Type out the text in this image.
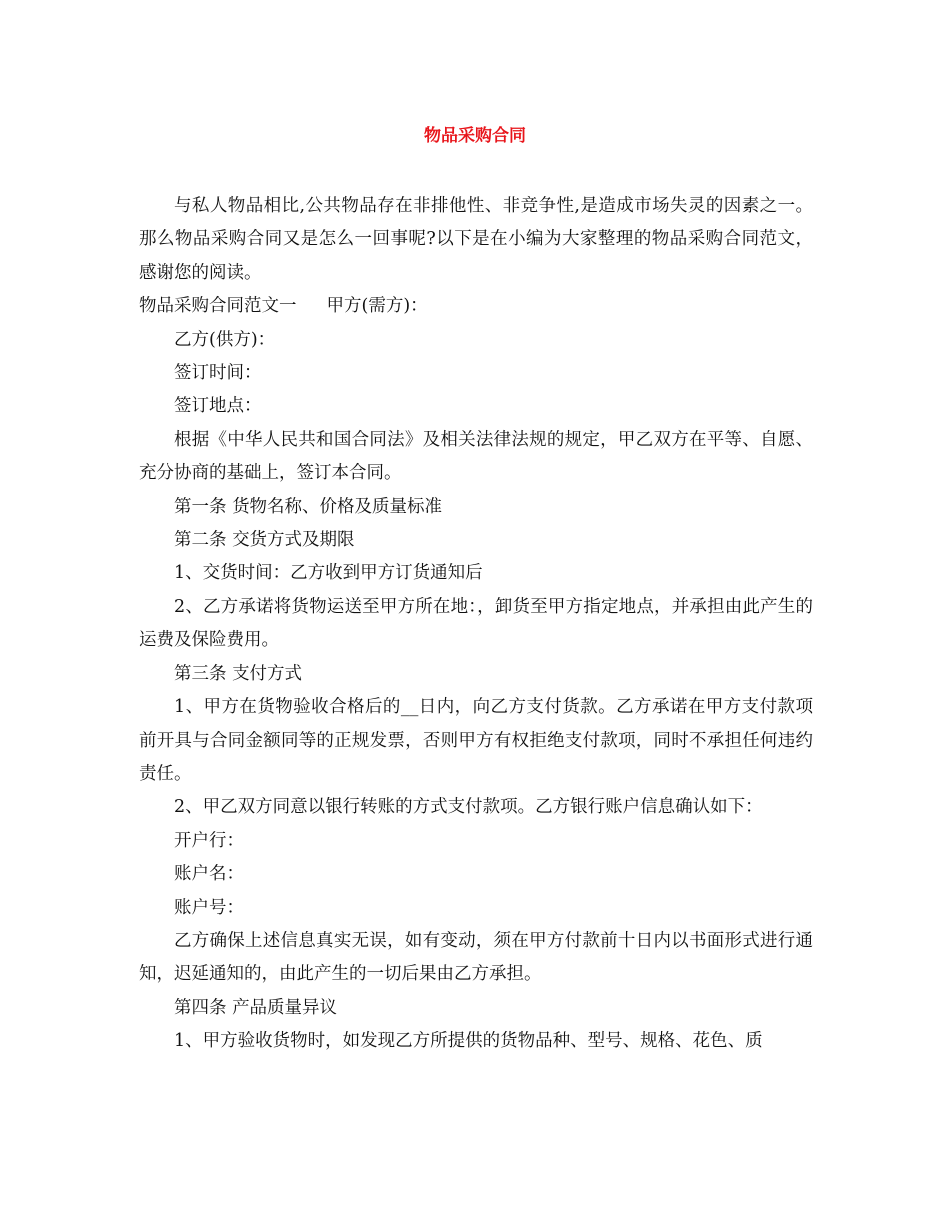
物品采购合同

与私人物品相比,公共物品存在非排他性、非竞争性,是造成市场失灵的因素之一。那么物品采购合同又是怎么一回事呢?以下是在小编为大家整理的物品采购合同范文，感谢您的阅读。

物品采购合同范文一 甲方(需方)：

乙方(供方)：

签订时间：

签订地点：

根据《中华人民共和国合同法》及相关法律法规的规定，甲乙双方在平等、自愿、充分协商的基础上，签订本合同。

第一条 货物名称、价格及质量标准

第二条 交货方式及期限

1、交货时间：乙方收到甲方订货通知后

2、乙方承诺将货物运送至甲方所在地：，卸货至甲方指定地点，并承担由此产生的运费及保险费用。

第三条 支付方式

1、甲方在货物验收合格后的__日内，向乙方支付货款。乙方承诺在甲方支付款项前开具与合同金额同等的正规发票，否则甲方有权拒绝支付款项，同时不承担任何违约责任。

2、甲乙双方同意以银行转账的方式支付款项。乙方银行账户信息确认如下：

开户行：

账户名：

账户号：

乙方确保上述信息真实无误，如有变动，须在甲方付款前十日内以书面形式进行通知，迟延通知的，由此产生的一切后果由乙方承担。

第四条 产品质量异议

1、甲方验收货物时，如发现乙方所提供的货物品种、型号、规格、花色、质
